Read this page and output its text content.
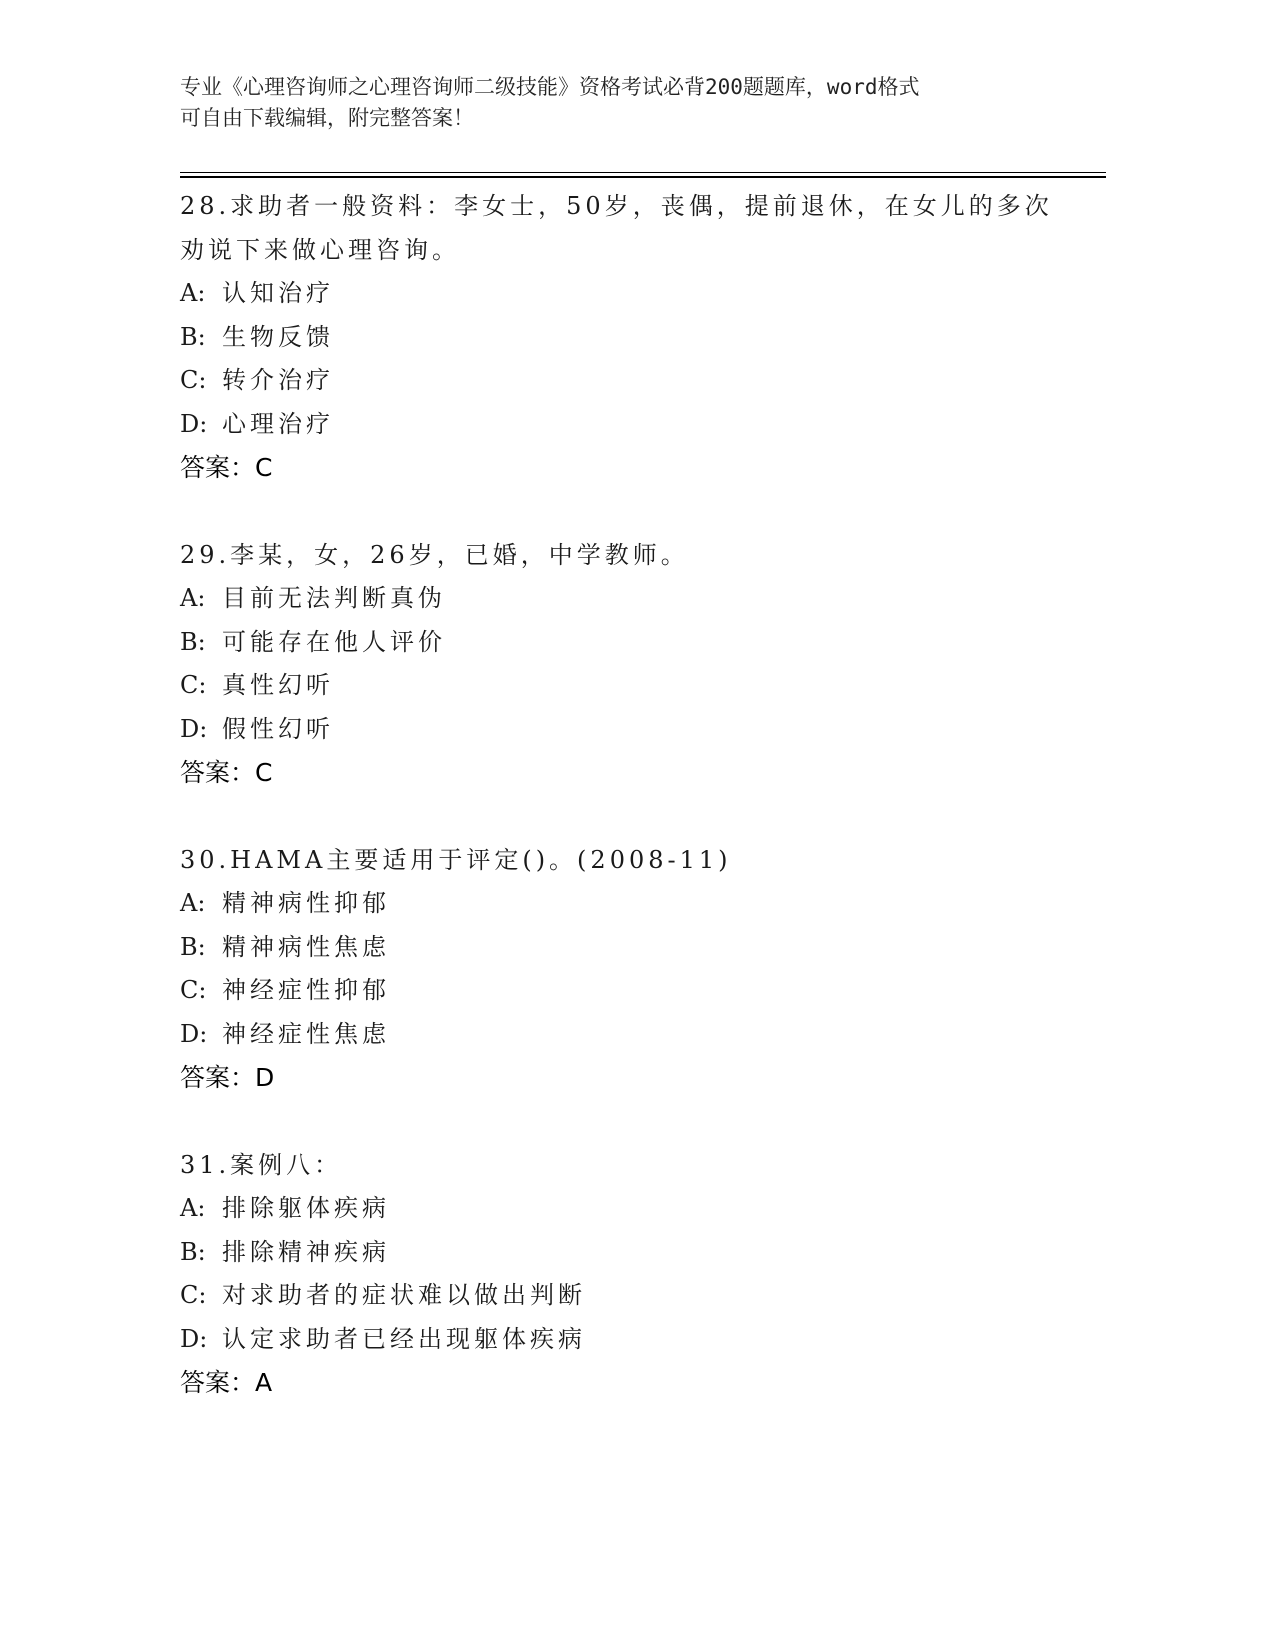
专业《心理咨询师之心理咨询师二级技能》资格考试必背200题题库，word格式
可自由下载编辑，附完整答案！

28.求助者一般资料：李女士，50岁，丧偶，提前退休，在女儿的多次
劝说下来做心理咨询。

A: 认知治疗

B: 生物反馈

C: 转介治疗

D: 心理治疗

答案：C

29.李某，女，26岁，已婚，中学教师。

A: 目前无法判断真伪

B: 可能存在他人评价

C: 真性幻听

D: 假性幻听

答案：C

30.HAMA主要适用于评定()。(2008-11)

A: 精神病性抑郁

B: 精神病性焦虑

C: 神经症性抑郁

D: 神经症性焦虑

答案：D

31.案例八：

A: 排除躯体疾病

B: 排除精神疾病

C: 对求助者的症状难以做出判断

D: 认定求助者已经出现躯体疾病

答案：A
